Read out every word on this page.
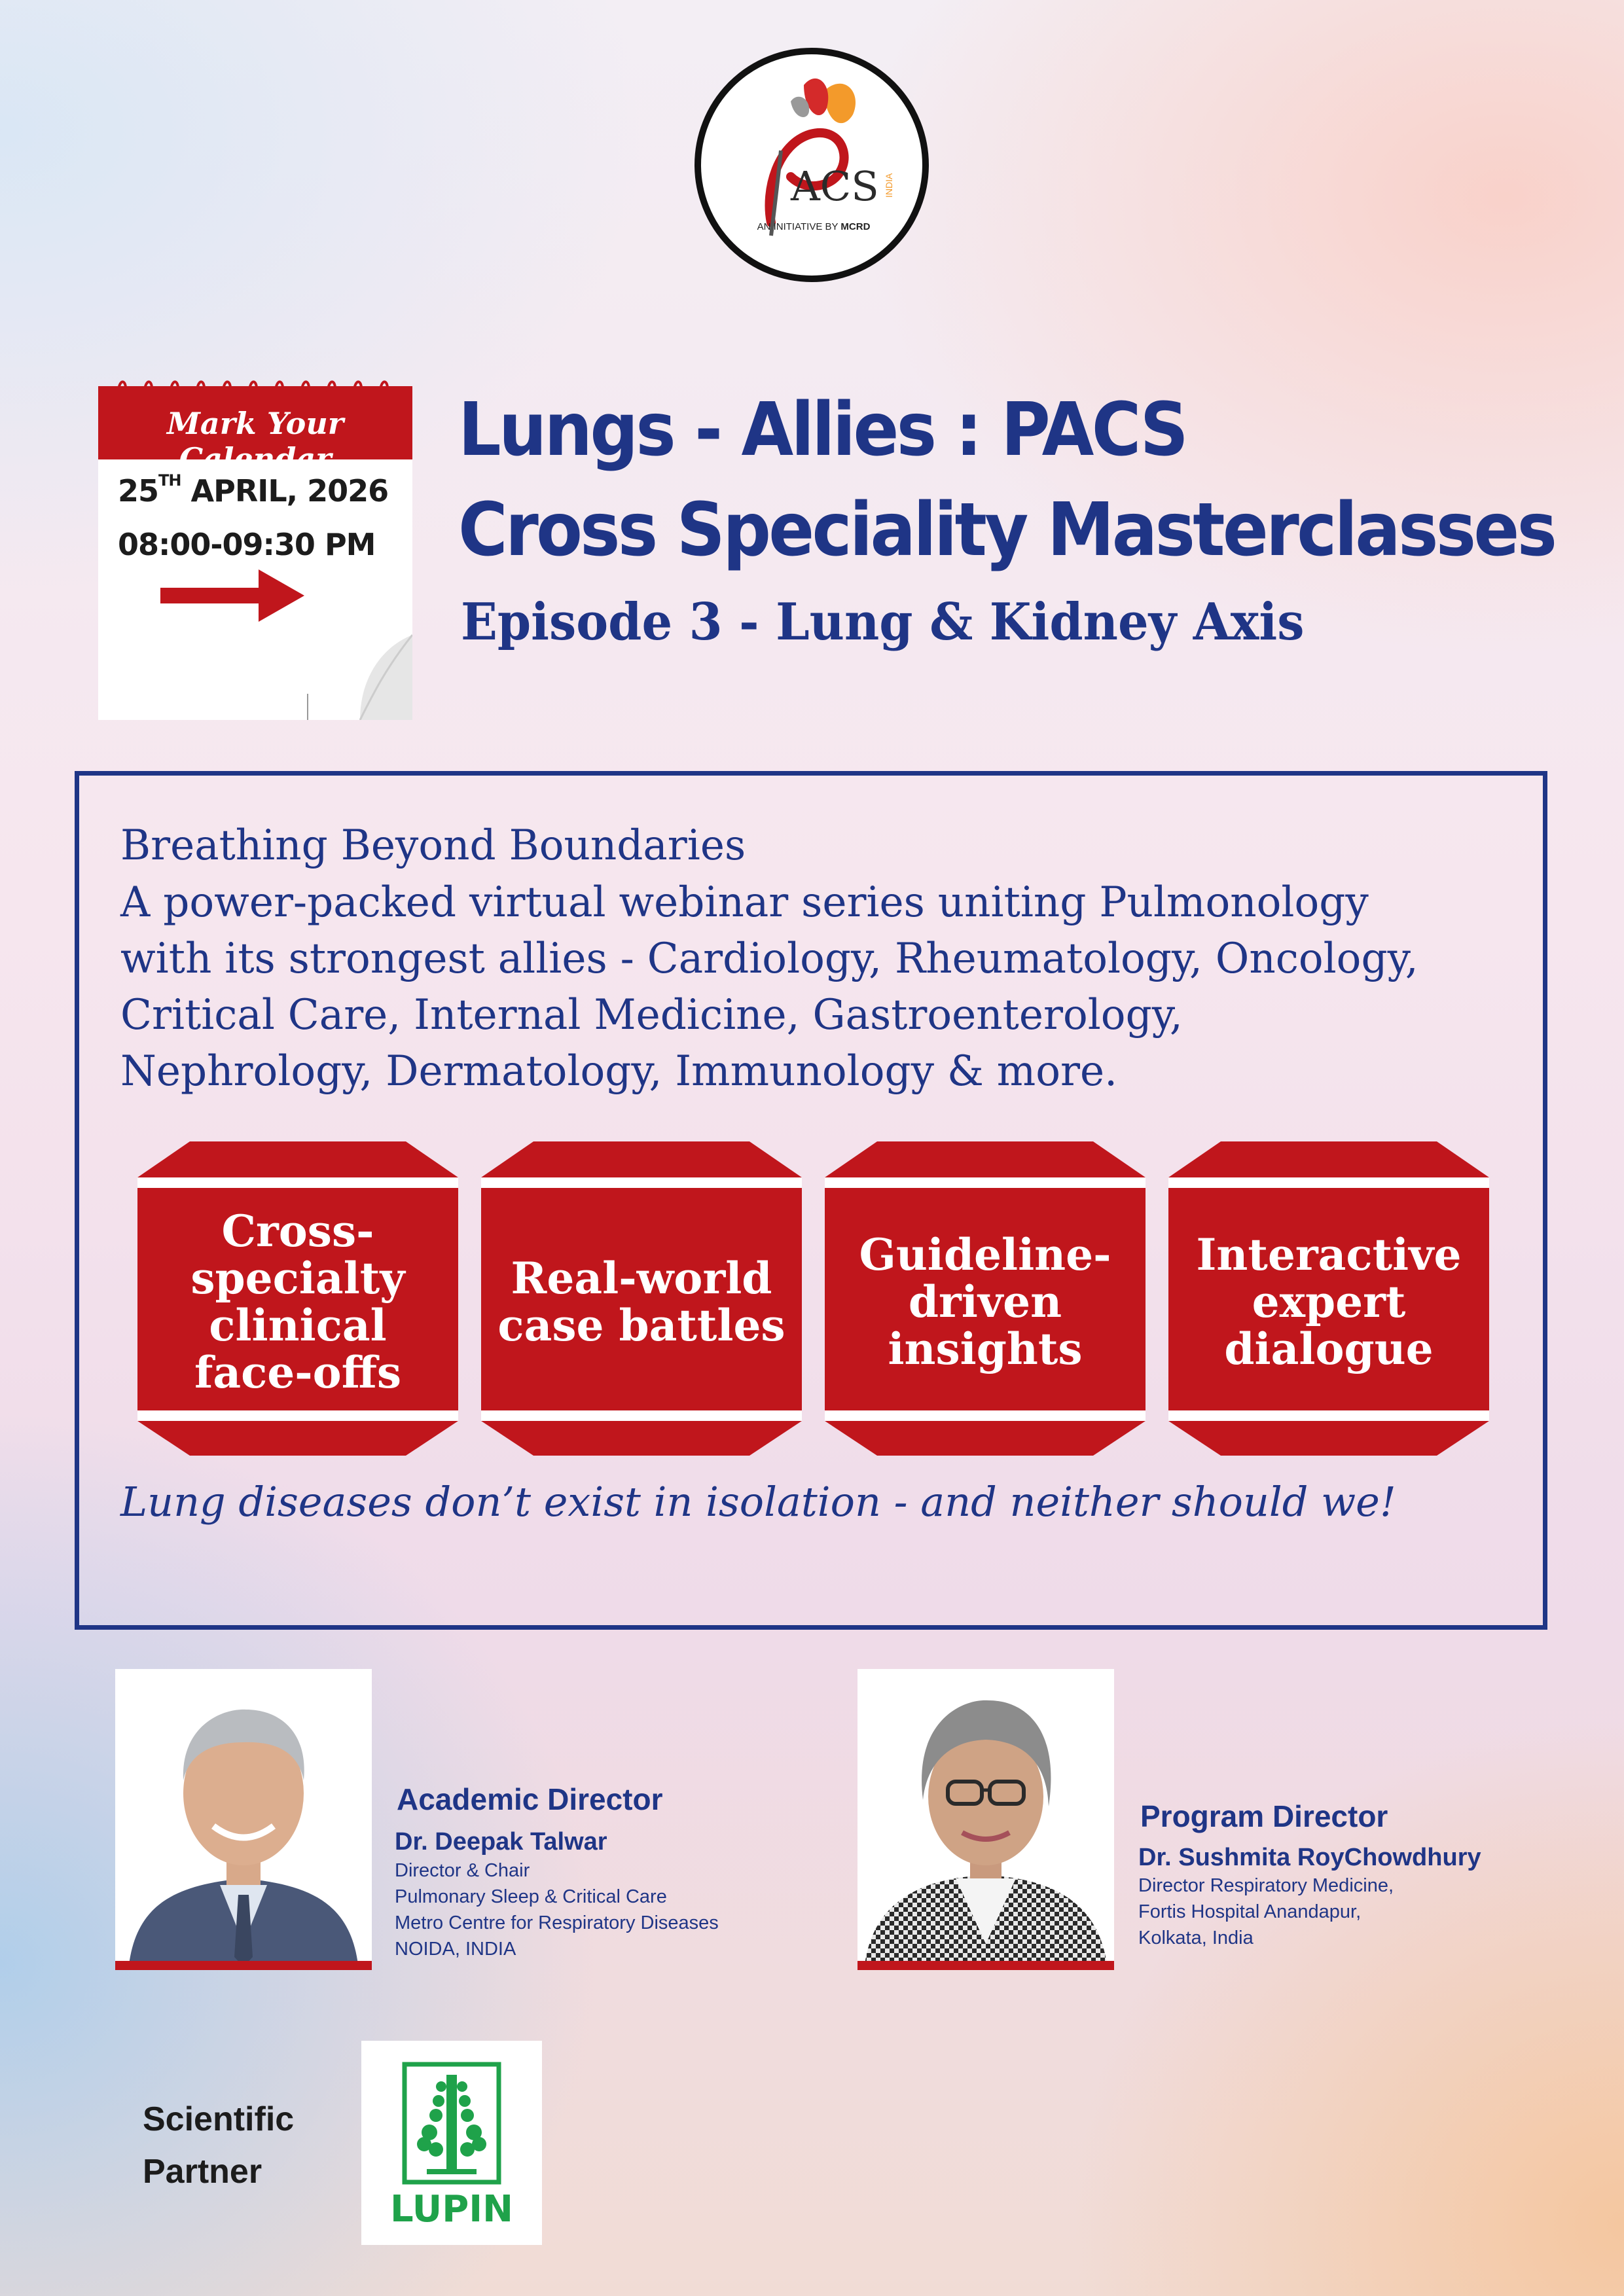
ACS INDIA
AN INITIATIVE BY MCRD
Mark Your Calendar
25TH APRIL, 2026
08:00-09:30 PM
Lungs - Allies : PACS
Cross Speciality Masterclasses
Episode 3 - Lung & Kidney Axis
Breathing Beyond Boundaries
A power-packed virtual webinar series uniting Pulmonology
with its strongest allies - Cardiology, Rheumatology, Oncology,
Critical Care, Internal Medicine, Gastroenterology,
Nephrology, Dermatology, Immunology & more.
Cross-
specialty
clinical
face-offs
Real-world
case battles
Guideline-
driven
insights
Interactive
expert
dialogue
Lung diseases don’t exist in isolation - and neither should we!
Academic Director
Dr. Deepak Talwar
Director & Chair
Pulmonary Sleep & Critical Care
Metro Centre for Respiratory Diseases
NOIDA, INDIA
Program Director
Dr. Sushmita RoyChowdhury
Director Respiratory Medicine,
Fortis Hospital Anandapur,
Kolkata, India
Scientific
Partner
LUPIN
